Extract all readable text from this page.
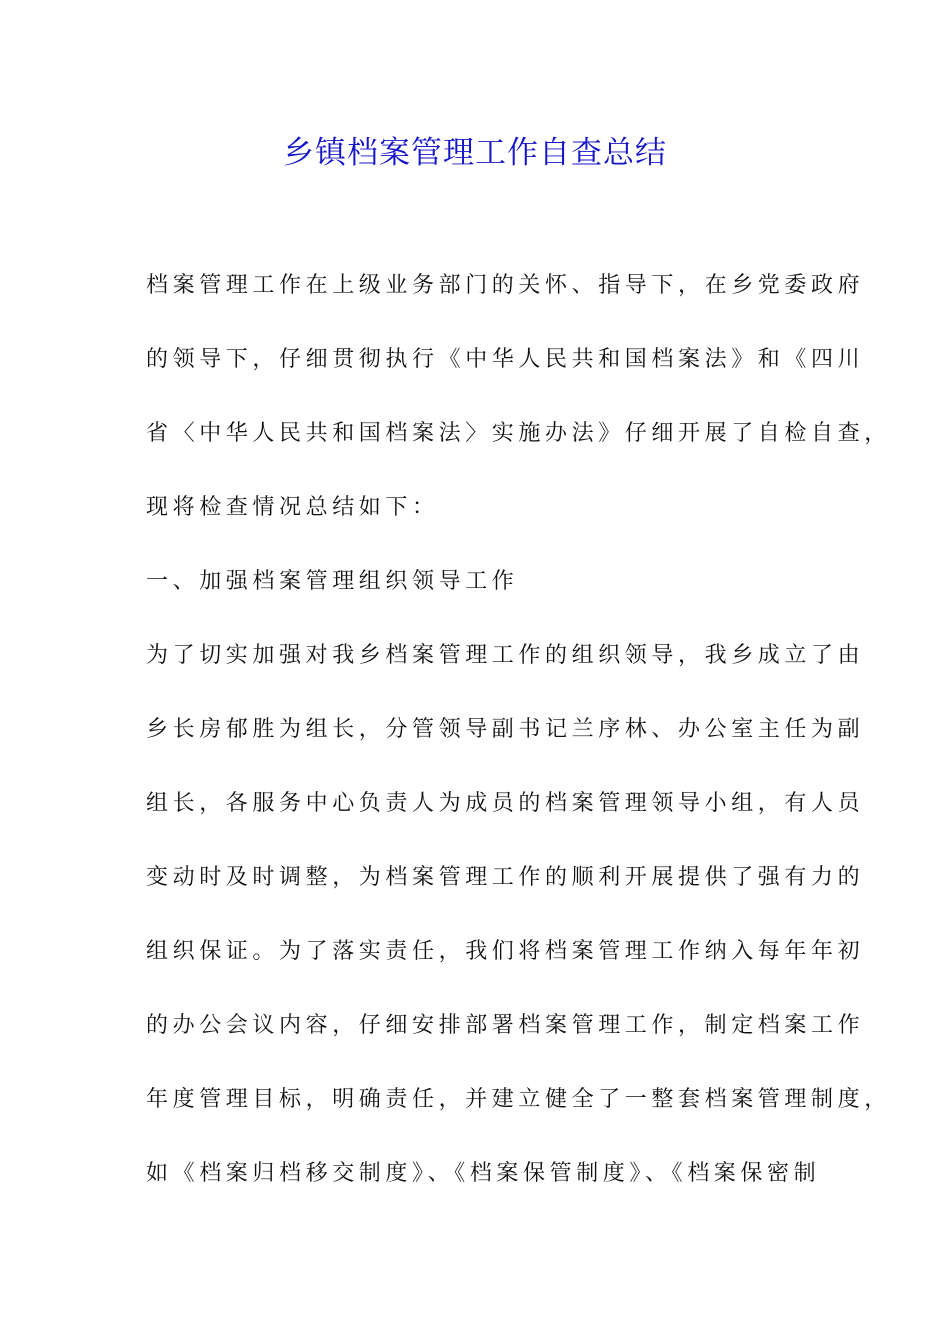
乡镇档案管理工作自查总结
档案管理工作在上级业务部门的关怀、指导下，在乡党委政府
的领导下，仔细贯彻执行《中华人民共和国档案法》和《四川
省〈中华人民共和国档案法〉实施办法》仔细开展了自检自查，
现将检查情况总结如下：
一、加强档案管理组织领导工作
为了切实加强对我乡档案管理工作的组织领导，我乡成立了由
乡长房郁胜为组长，分管领导副书记兰序林、办公室主任为副
组长，各服务中心负责人为成员的档案管理领导小组，有人员
变动时及时调整，为档案管理工作的顺利开展提供了强有力的
组织保证。为了落实责任，我们将档案管理工作纳入每年年初
的办公会议内容，仔细安排部署档案管理工作，制定档案工作
年度管理目标，明确责任，并建立健全了一整套档案管理制度，
如《档案归档移交制度》、《档案保管制度》、《档案保密制
